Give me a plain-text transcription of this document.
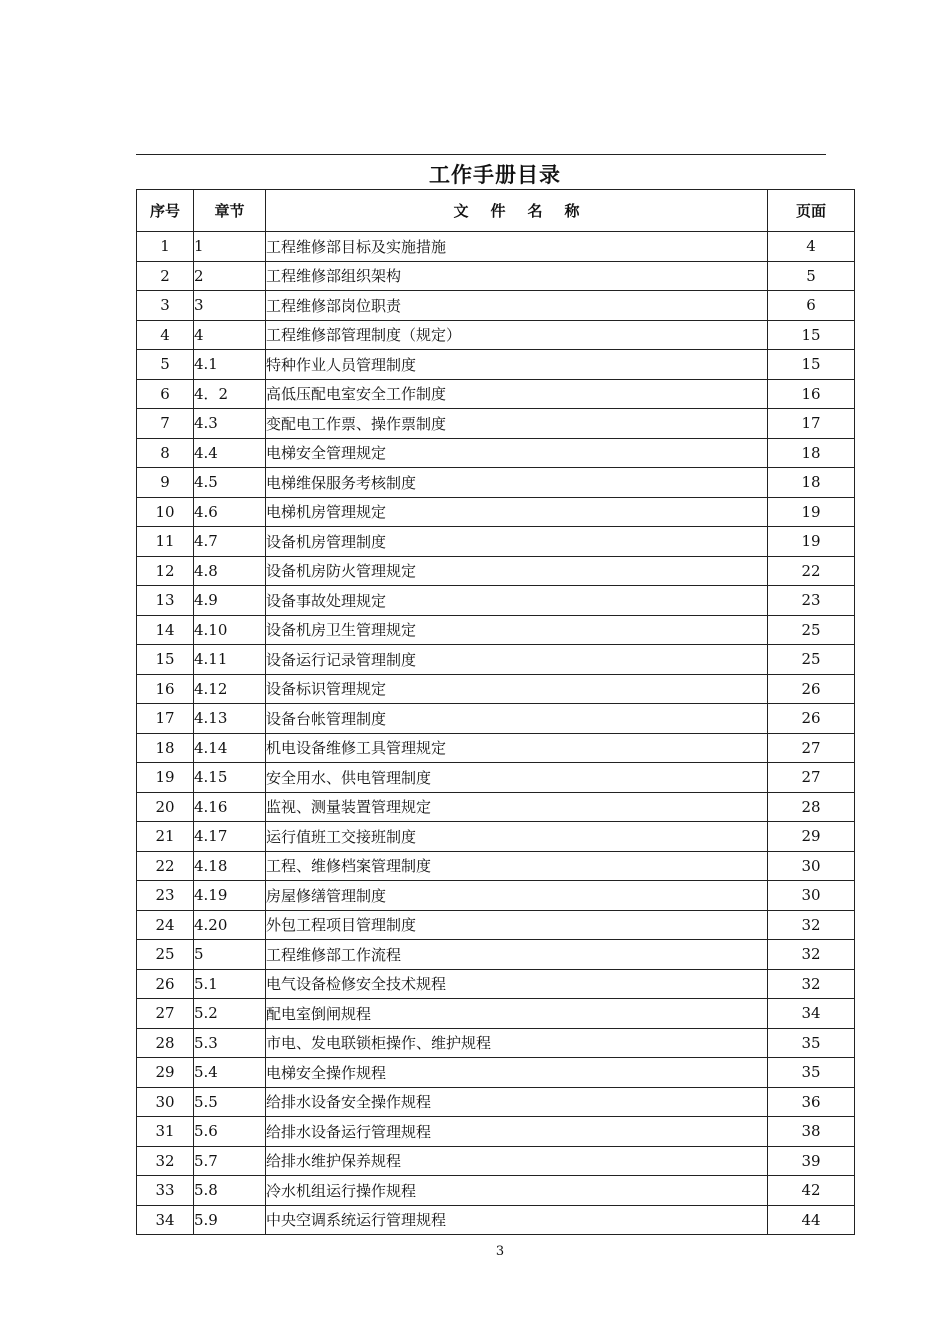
工作手册目录
序号	章节	文件名称	页面
1	1	工程维修部目标及实施措施	4
2	2	工程维修部组织架构	5
3	3	工程维修部岗位职责	6
4	4	工程维修部管理制度（规定）	15
5	4.1	特种作业人员管理制度	15
6	4．2	高低压配电室安全工作制度	16
7	4.3	变配电工作票、操作票制度	17
8	4.4	电梯安全管理规定	18
9	4.5	电梯维保服务考核制度	18
10	4.6	电梯机房管理规定	19
11	4.7	设备机房管理制度	19
12	4.8	设备机房防火管理规定	22
13	4.9	设备事故处理规定	23
14	4.10	设备机房卫生管理规定	25
15	4.11	设备运行记录管理制度	25
16	4.12	设备标识管理规定	26
17	4.13	设备台帐管理制度	26
18	4.14	机电设备维修工具管理规定	27
19	4.15	安全用水、供电管理制度	27
20	4.16	监视、测量装置管理规定	28
21	4.17	运行值班工交接班制度	29
22	4.18	工程、维修档案管理制度	30
23	4.19	房屋修缮管理制度	30
24	4.20	外包工程项目管理制度	32
25	5	工程维修部工作流程	32
26	5.1	电气设备检修安全技术规程	32
27	5.2	配电室倒闸规程	34
28	5.3	市电、发电联锁柜操作、维护规程	35
29	5.4	电梯安全操作规程	35
30	5.5	给排水设备安全操作规程	36
31	5.6	给排水设备运行管理规程	38
32	5.7	给排水维护保养规程	39
33	5.8	冷水机组运行操作规程	42
34	5.9	中央空调系统运行管理规程	44
3
